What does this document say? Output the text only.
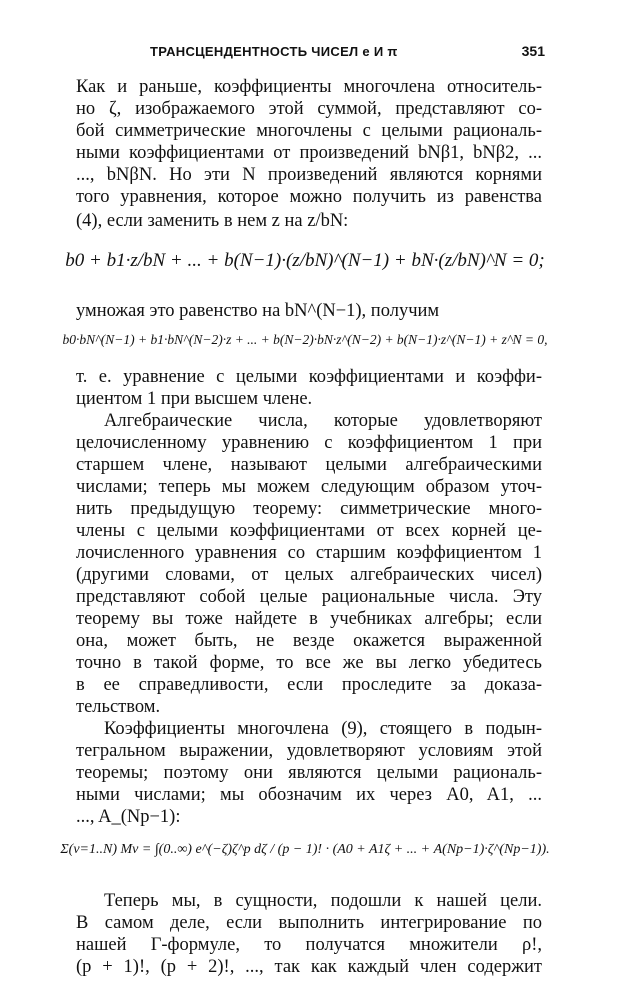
ТРАНСЦЕНДЕНТНОСТЬ ЧИСЕЛ e И π	351
Как и раньше, коэффициенты многочлена относитель-
но ζ, изображаемого этой суммой, представляют со-
бой симметрические многочлены с целыми рациональ-
ными коэффициентами от произведений bNβ1, bNβ2, ...
..., bNβN. Но эти N произведений являются корнями
того уравнения, которое можно получить из равенства
(4), если заменить в нем z на z/bN:
b0 + b1·z/bN + ... + b(N−1)·(z/bN)^(N−1) + bN·(z/bN)^N = 0;
умножая это равенство на bN^(N−1), получим
b0·bN^(N−1) + b1·bN^(N−2)·z + ... + b(N−2)·bN·z^(N−2) + b(N−1)·z^(N−1) + z^N = 0,
т. е. уравнение с целыми коэффициентами и коэффи-
циентом 1 при высшем члене.
Алгебраические числа, которые удовлетворяют
целочисленному уравнению с коэффициентом 1 при
старшем члене, называют целыми алгебраическими
числами; теперь мы можем следующим образом уточ-
нить предыдущую теорему: симметрические много-
члены с целыми коэффициентами от всех корней це-
лочисленного уравнения со старшим коэффициентом 1
(другими словами, от целых алгебраических чисел)
представляют собой целые рациональные числа. Эту
теорему вы тоже найдете в учебниках алгебры; если
она, может быть, не везде окажется выраженной
точно в такой форме, то все же вы легко убедитесь
в ее справедливости, если проследите за доказа-
тельством.
Коэффициенты многочлена (9), стоящего в подын-
тегральном выражении, удовлетворяют условиям этой
теоремы; поэтому они являются целыми рациональ-
ными числами; мы обозначим их через A0, A1, ...
..., A_(Np−1):
Σ(ν=1..N) Mν = ∫(0..∞) e^(−ζ)ζ^p dζ / (p − 1)! · (A0 + A1ζ + ... + A(Np−1)·ζ^(Np−1)).
Теперь мы, в сущности, подошли к нашей цели.
В самом деле, если выполнить интегрирование по
нашей Γ-формуле, то получатся множители ρ!,
(p + 1)!, (p + 2)!, ..., так как каждый член содержит
